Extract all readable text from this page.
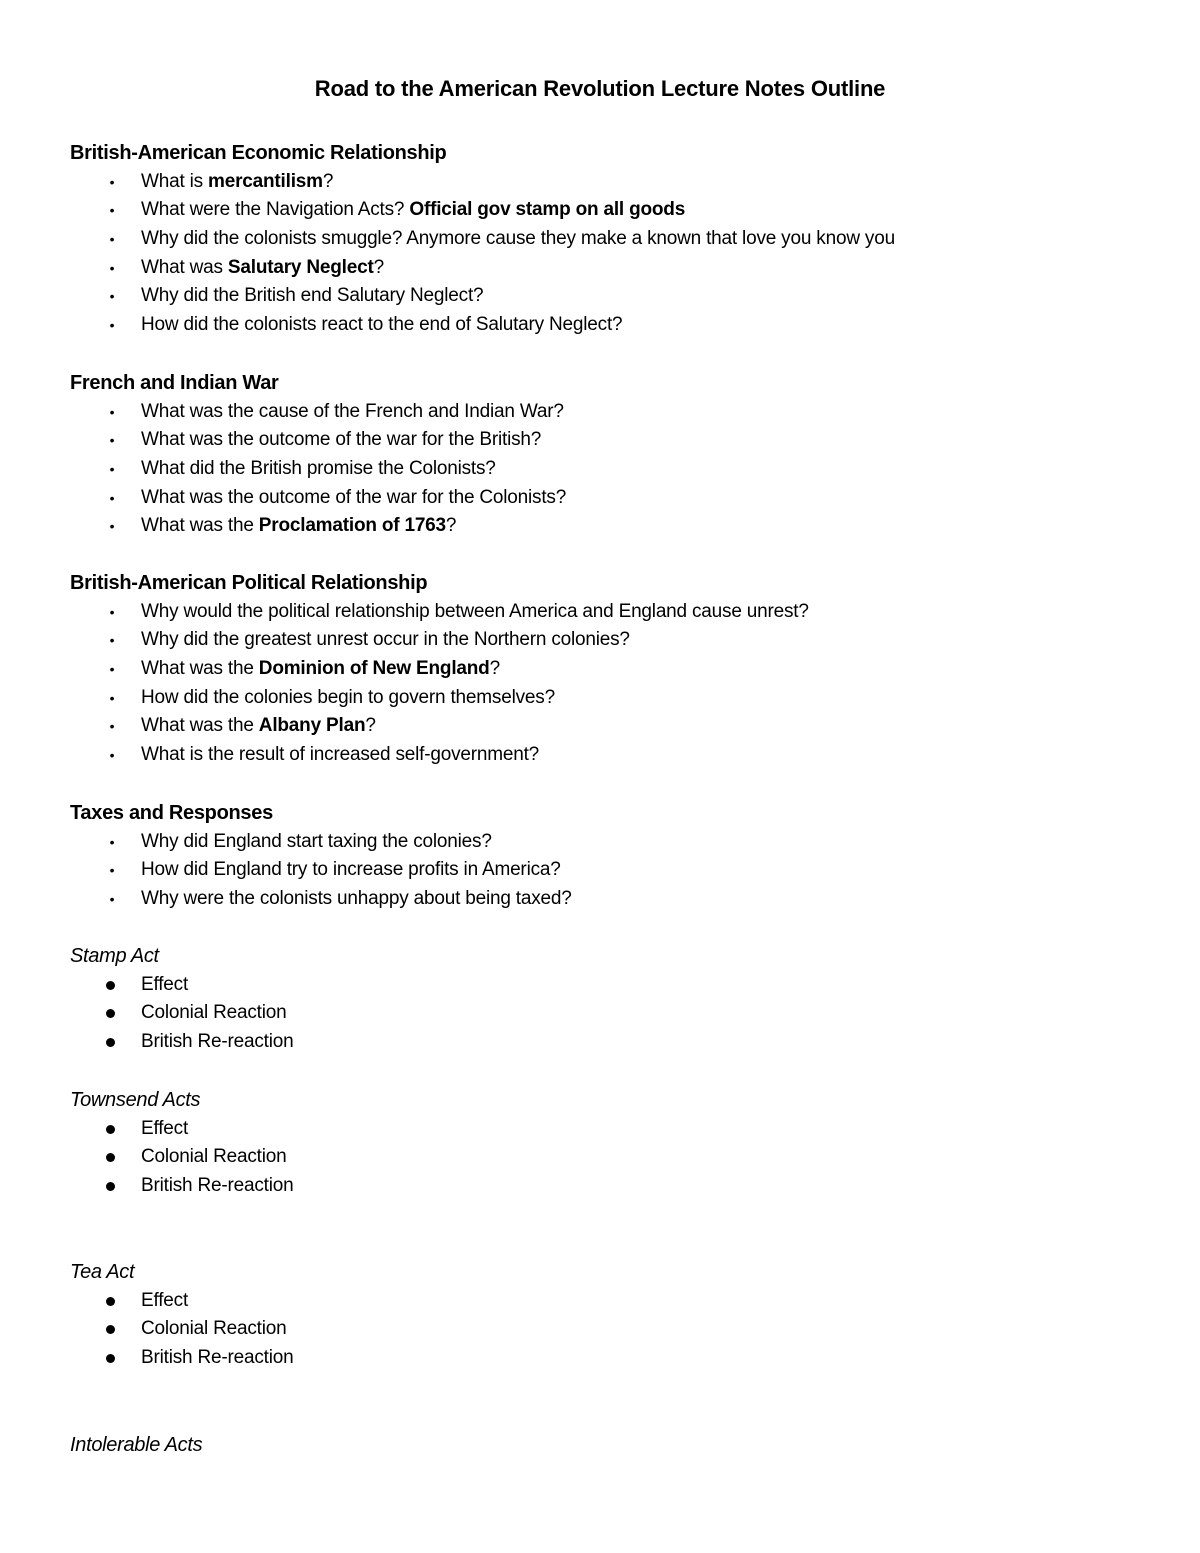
Road to the American Revolution Lecture Notes Outline
British-American Economic Relationship
• What is mercantilism?
• What were the Navigation Acts? Official gov stamp on all goods
• Why did the colonists smuggle? Anymore cause they make a known that love you know you
• What was Salutary Neglect?
• Why did the British end Salutary Neglect?
• How did the colonists react to the end of Salutary Neglect?
French and Indian War
• What was the cause of the French and Indian War?
• What was the outcome of the war for the British?
• What did the British promise the Colonists?
• What was the outcome of the war for the Colonists?
• What was the Proclamation of 1763?
British-American Political Relationship
• Why would the political relationship between America and England cause unrest?
• Why did the greatest unrest occur in the Northern colonies?
• What was the Dominion of New England?
• How did the colonies begin to govern themselves?
• What was the Albany Plan?
• What is the result of increased self-government?
Taxes and Responses
• Why did England start taxing the colonies?
• How did England try to increase profits in America?
• Why were the colonists unhappy about being taxed?
Stamp Act
Effect
Colonial Reaction
British Re-reaction
Townsend Acts
Effect
Colonial Reaction
British Re-reaction
Tea Act
Effect
Colonial Reaction
British Re-reaction
Intolerable Acts
